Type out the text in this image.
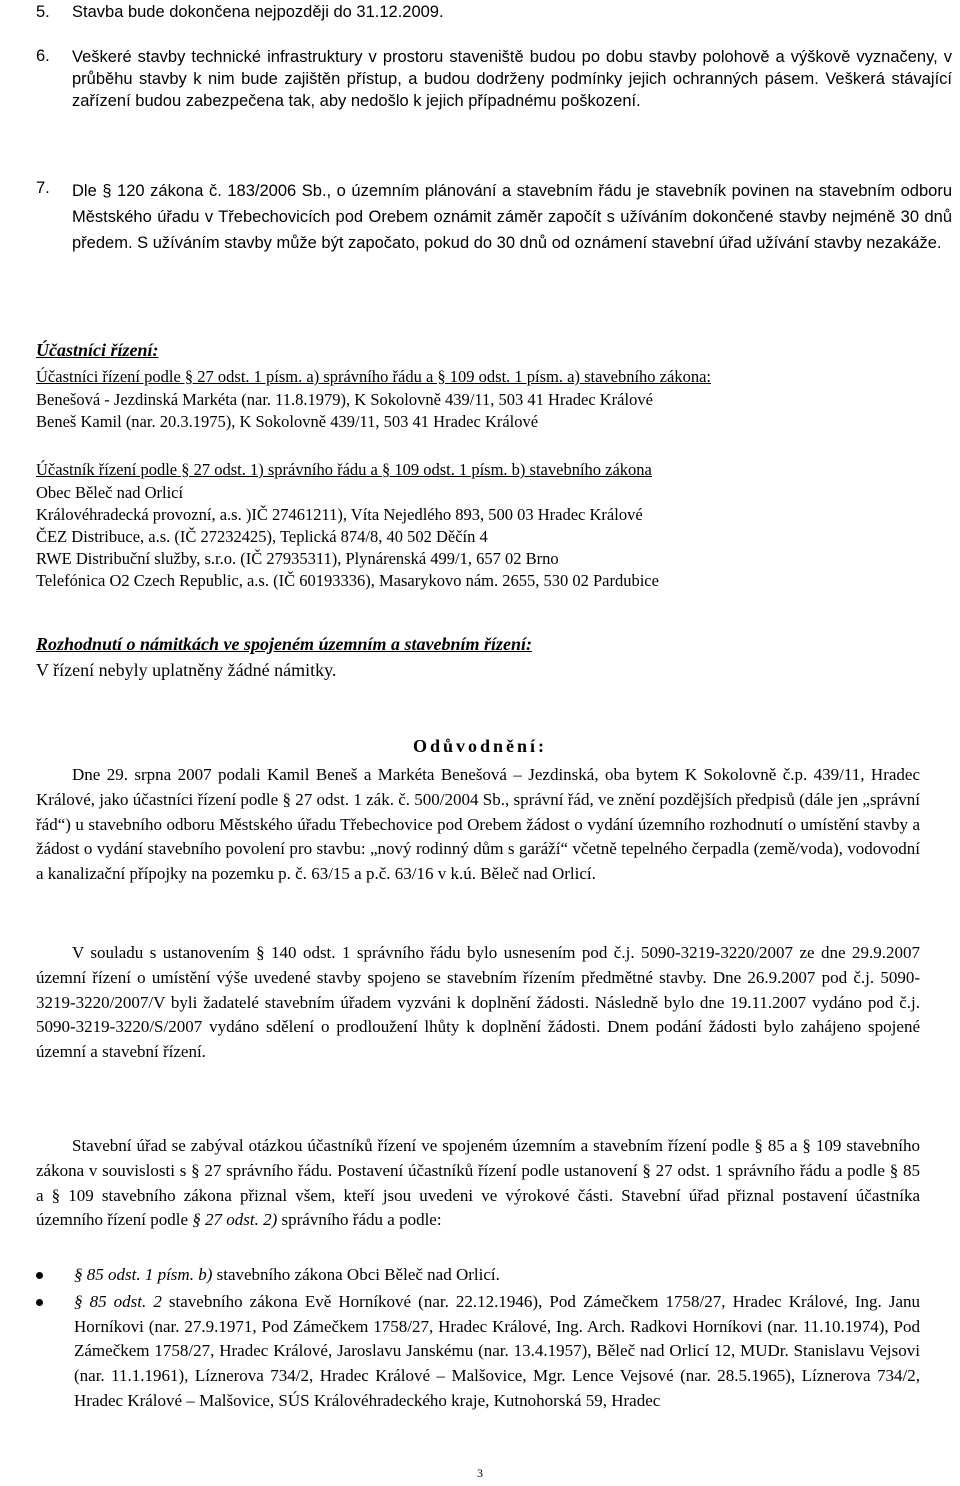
5. Stavba bude dokončena nejpozději do 31.12.2009.
6. Veškeré stavby technické infrastruktury v prostoru staveniště budou po dobu stavby polohově a výškově vyznačeny, v průběhu stavby k nim bude zajištěn přístup, a budou dodrženy podmínky jejich ochranných pásem. Veškerá stávající zařízení budou zabezpečena tak, aby nedošlo k jejich případnému poškození.
7. Dle § 120 zákona č. 183/2006 Sb., o územním plánování a stavebním řádu je stavebník povinen na stavebním odboru Městského úřadu v Třebechovicích pod Orebem oznámit záměr započít s užíváním dokončené stavby nejméně 30 dnů předem. S užíváním stavby může být započato, pokud do 30 dnů od oznámení stavební úřad užívání stavby nezakáže.
Účastníci řízení:
Účastníci řízení podle § 27 odst. 1 písm. a) správního řádu a § 109 odst. 1 písm. a) stavebního zákona:
Benešová - Jezdinská Markéta (nar. 11.8.1979), K Sokolovně 439/11, 503 41 Hradec Králové
Beneš Kamil (nar. 20.3.1975), K Sokolovně 439/11, 503 41 Hradec Králové
Účastník řízení podle § 27 odst. 1) správního řádu a § 109 odst. 1 písm. b) stavebního zákona
Obec Běleč nad Orlicí
Královéhradecká provozní, a.s. )IČ 27461211), Víta Nejedlého 893, 500 03 Hradec Králové
ČEZ Distribuce, a.s. (IČ 27232425), Teplická 874/8, 40 502 Děčín 4
RWE Distribuční služby, s.r.o. (IČ 27935311), Plynárenská 499/1, 657 02 Brno
Telefónica O2 Czech Republic, a.s. (IČ 60193336), Masarykovo nám. 2655, 530 02 Pardubice
Rozhodnutí o námitkách ve spojeném územním a stavebním řízení:
V řízení nebyly uplatněny žádné námitky.
Odůvodnění:

Dne 29. srpna 2007 podali Kamil Beneš a Markéta Benešová – Jezdinská, oba bytem K Sokolovně č.p. 439/11, Hradec Králové, jako účastníci řízení podle § 27 odst. 1 zák. č. 500/2004 Sb., správní řád, ve znění pozdějších předpisů (dále jen „správní řád“) u stavebního odboru Městského úřadu Třebechovice pod Orebem žádost o vydání územního rozhodnutí o umístění stavby a žádost o vydání stavebního povolení pro stavbu: „nový rodinný dům s garáží“ včetně tepelného čerpadla (země/voda), vodovodní a kanalizační přípojky na pozemku p. č. 63/15 a p.č. 63/16 v k.ú. Běleč nad Orlicí.

V souladu s ustanovením § 140 odst. 1 správního řádu bylo usnesením pod č.j. 5090-3219-3220/2007 ze dne 29.9.2007 územní řízení o umístění výše uvedené stavby spojeno se stavebním řízením předmětné stavby. Dne 26.9.2007 pod č.j. 5090-3219-3220/2007/V byli žadatelé stavebním úřadem vyzváni k doplnění žádosti. Následně bylo dne 19.11.2007 vydáno pod č.j. 5090-3219-3220/S/2007 vydáno sdělení o prodloužení lhůty k doplnění žádosti. Dnem podání žádosti bylo zahájeno spojené územní a stavební řízení.

Stavební úřad se zabýval otázkou účastníků řízení ve spojeném územním a stavebním řízení podle § 85 a § 109 stavebního zákona v souvislosti s § 27 správního řádu. Postavení účastníků řízení podle ustanovení § 27 odst. 1 správního řádu a podle § 85 a § 109 stavebního zákona přiznal všem, kteří jsou uvedeni ve výrokové části. Stavební úřad přiznal postavení účastníka územního řízení podle § 27 odst. 2) správního řádu a podle:

§ 85 odst. 1 písm. b) stavebního zákona Obci Běleč nad Orlicí.
§ 85 odst. 2 stavebního zákona Evě Horníkové (nar. 22.12.1946), Pod Zámečkem 1758/27, Hradec Králové, Ing. Janu Horníkovi (nar. 27.9.1971, Pod Zámečkem 1758/27, Hradec Králové, Ing. Arch. Radkovi Horníkovi (nar. 11.10.1974), Pod Zámečkem 1758/27, Hradec Králové, Jaroslavu Janskému (nar. 13.4.1957), Běleč nad Orlicí 12, MUDr. Stanislavu Vejsovi (nar. 11.1.1961), Líznerova 734/2, Hradec Králové – Malšovice, Mgr. Lence Vejsové (nar. 28.5.1965), Líznerova 734/2, Hradec Králové – Malšovice, SÚS Královéhradeckého kraje, Kutnohorská 59, Hradec
3
